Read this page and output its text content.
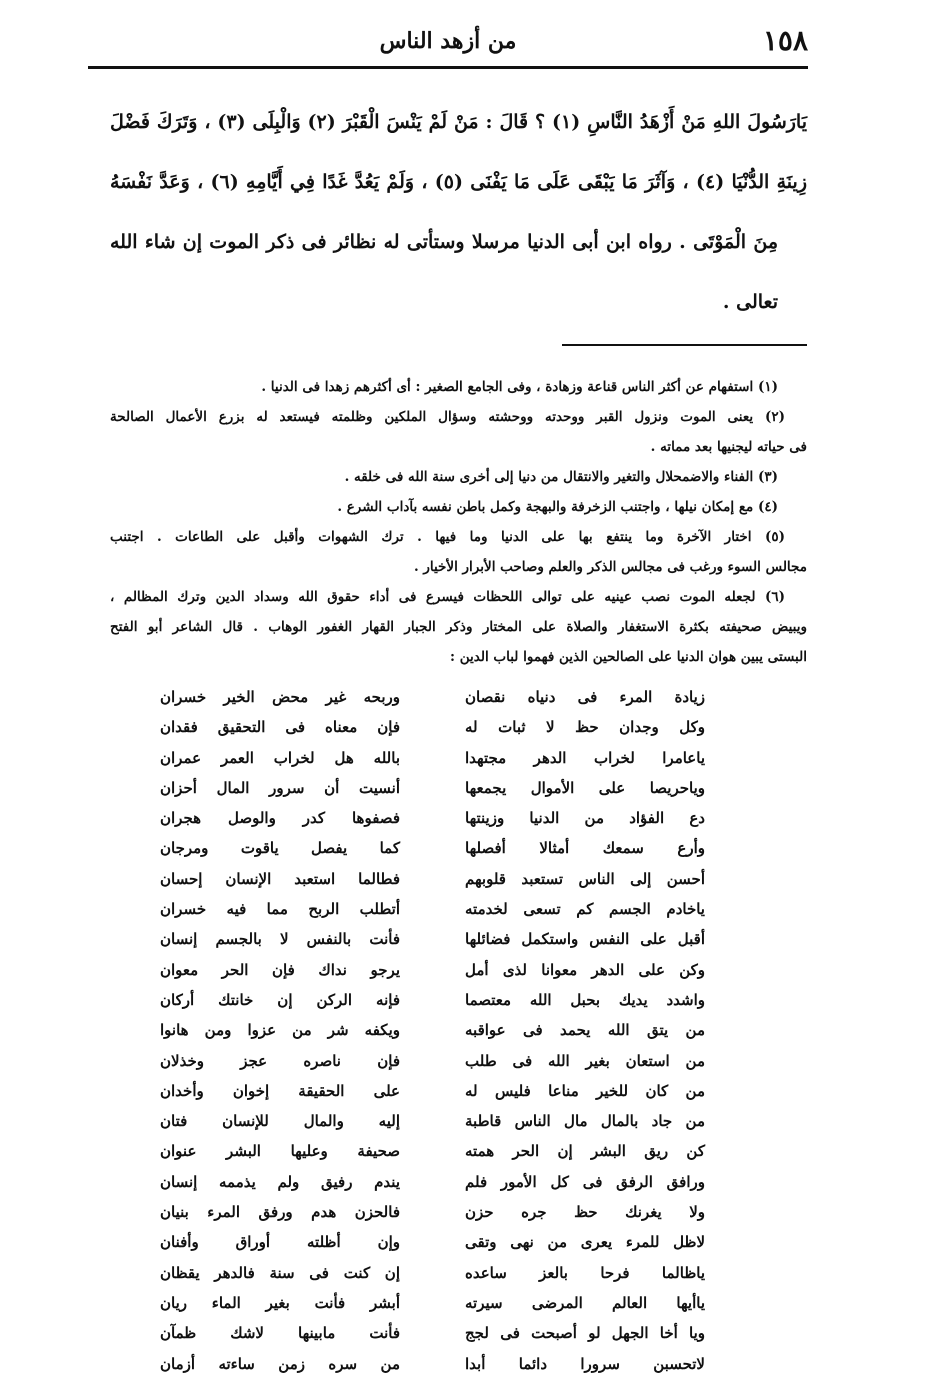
١٥٨
من أزهد الناس
يَارَسُولَ اللهِ مَنْ أَزْهَدُ النَّاسِ (١) ؟ قَالَ : مَنْ لَمْ يَنْسَ الْقَبْرَ (٢) وَالْبِلَى (٣) ، وَتَرَكَ فَضْلَ
زِينَةِ الدُّنْيَا (٤) ، وَآثَرَ مَا يَبْقَى عَلَى مَا يَفْنَى (٥) ، وَلَمْ يَعُدَّ غَدًا فِي أَيَّامِهِ (٦) ، وَعَدَّ نَفْسَهُ
مِنَ الْمَوْتَى . رواه ابن أبى الدنيا مرسلا وستأتى له نظائر فى ذكر الموت إن شاء الله تعالى .
(١) استفهام عن أكثر الناس قناعة وزهادة ، وفى الجامع الصغير : أى أكثرهم زهدا فى الدنيا .
(٢) يعنى الموت ونزول القبر ووحدته ووحشته وسؤال الملكين وظلمته فيستعد له بزرع الأعمال الصالحة
فى حياته ليجنيها بعد مماته .
(٣) الفناء والاضمحلال والتغير والانتقال من دنيا إلى أخرى سنة الله فى خلقه .
(٤) مع إمكان نيلها ، واجتنب الزخرفة والبهجة وكمل باطن نفسه بآداب الشرع .
(٥) اختار الآخرة وما ينتفع بها على الدنيا وما فيها . ترك الشهوات وأقبل على الطاعات . اجتنب
مجالس السوء ورغب فى مجالس الذكر والعلم وصاحب الأبرار الأخيار .
(٦) لجعله الموت نصب عينيه على توالى اللحظات فيسرع فى أداء حقوق الله وسداد الدين وترك المظالم ،
ويبيض صحيفته بكثرة الاستغفار والصلاة على المختار وذكر الجبار القهار الغفور الوهاب . قال الشاعر أبو الفتح
البستى يبين هوان الدنيا على الصالحين الذين فهموا لباب الدين :
زيادة المرء فى دنياه نقصان
وربحه غير محض الخير خسران
وكل وجدان حظ لا ثبات له
فإن معناه فى التحقيق فقدان
ياعامرا لخراب الدهر مجتهدا
بالله هل لخراب العمر عمران
وياحريصا على الأموال يجمعها
أنسيت أن سرور المال أحزان
دع الفؤاد من الدنيا وزينتها
فصفوها كدر والوصل هجران
وأرع سمعك أمثالا أفصلها
كما يفصل ياقوت ومرجان
أحسن إلى الناس تستعبد قلوبهم
فطالما استعبد الإنسان إحسان
ياخادم الجسم كم تسعى لخدمته
أتطلب الربح مما فيه خسران
أقبل على النفس واستكمل فضائلها
فأنت بالنفس لا بالجسم إنسان
وكن على الدهر معوانا لذى أمل
يرجو نداك فإن الحر معوان
واشدد يديك بحبل الله معتصما
فإنه الركن إن خانتك أركان
من يتق الله يحمد فى عواقبه
ويكفه شر من عزوا ومن هانوا
من استعان بغير الله فى طلب
فإن ناصره عجز وخذلان
من كان للخير مناعا فليس له
على الحقيقة إخوان وأخدان
من جاد بالمال مال الناس قاطبة
إليه والمال للإنسان فتان
كن ريق البشر إن الحر همته
صحيفة وعليها البشر عنوان
ورافق الرفق فى كل الأمور فلم
يندم رفيق ولم يذممه إنسان
ولا يغرنك حظ جره حزن
فالحزن هدم ورفق المرء بنيان
لاظل للمرء يعرى من نهى وتقى
وإن أظلته أوراق وأفنان
ياظالما فرحا بالعز ساعده
إن كنت فى سنة فالدهر يقظان
ياأيها العالم المرضى سيرته
أبشر فأنت بغير الماء ريان
ويا أخا الجهل لو أصبحت فى لجج
فأنت مابينها لاشك ظمآن
لاتحسبن سرورا دائما أبدا
من سره زمن ساءته أزمان
